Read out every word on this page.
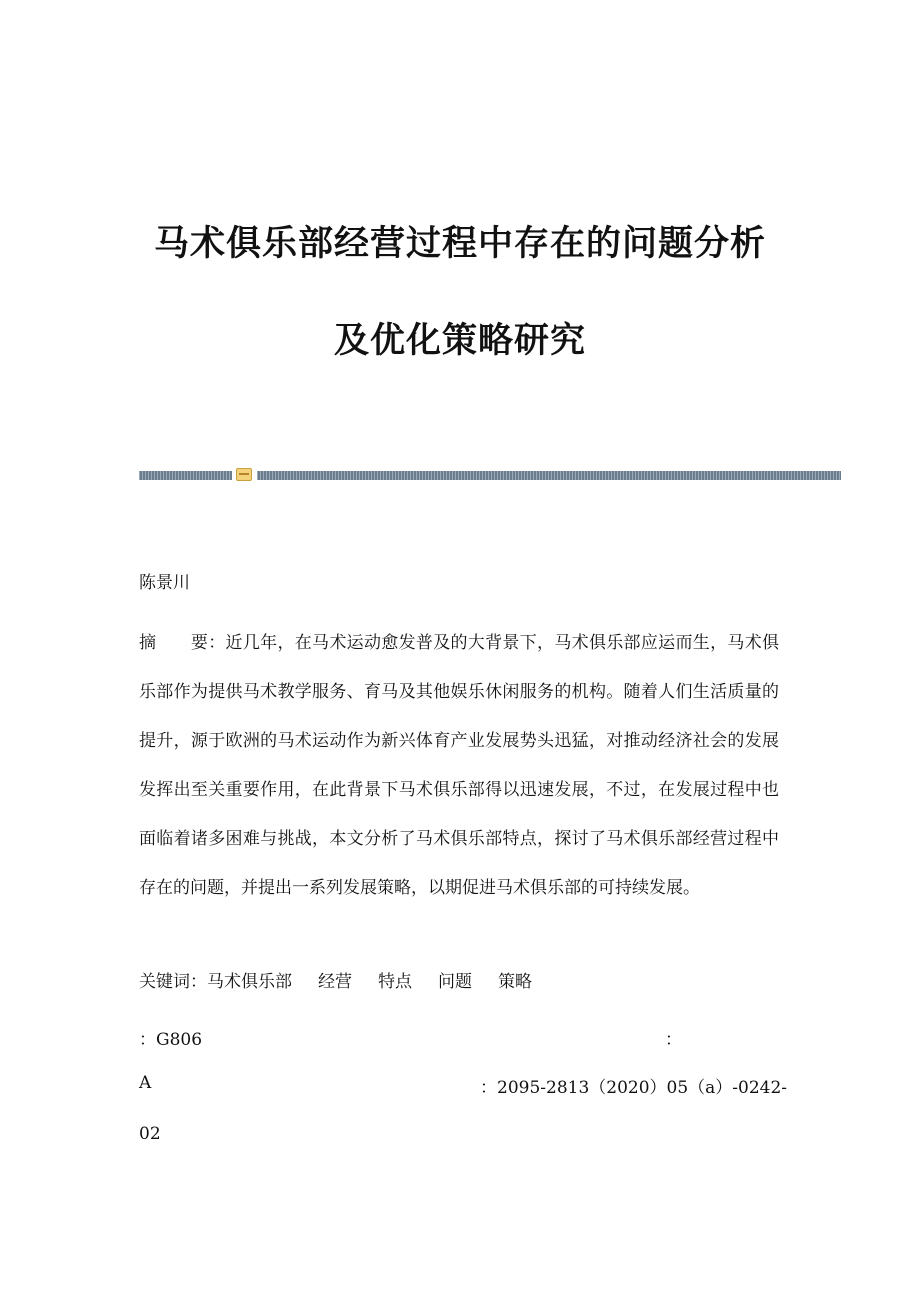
马术俱乐部经营过程中存在的问题分析
及优化策略研究
陈景川
摘　　要：近几年，在马术运动愈发普及的大背景下，马术俱乐部应运而生，马术俱乐部作为提供马术教学服务、育马及其他娱乐休闲服务的机构。随着人们生活质量的提升，源于欧洲的马术运动作为新兴体育产业发展势头迅猛，对推动经济社会的发展发挥出至关重要作用，在此背景下马术俱乐部得以迅速发展，不过，在发展过程中也面临着诸多困难与挑战，本文分析了马术俱乐部特点，探讨了马术俱乐部经营过程中存在的问题，并提出一系列发展策略，以期促进马术俱乐部的可持续发展。
关键词：马术俱乐部 经营 特点 问题 策略
：G806	：
A	：2095-2813（2020）05（a）-0242-
02
